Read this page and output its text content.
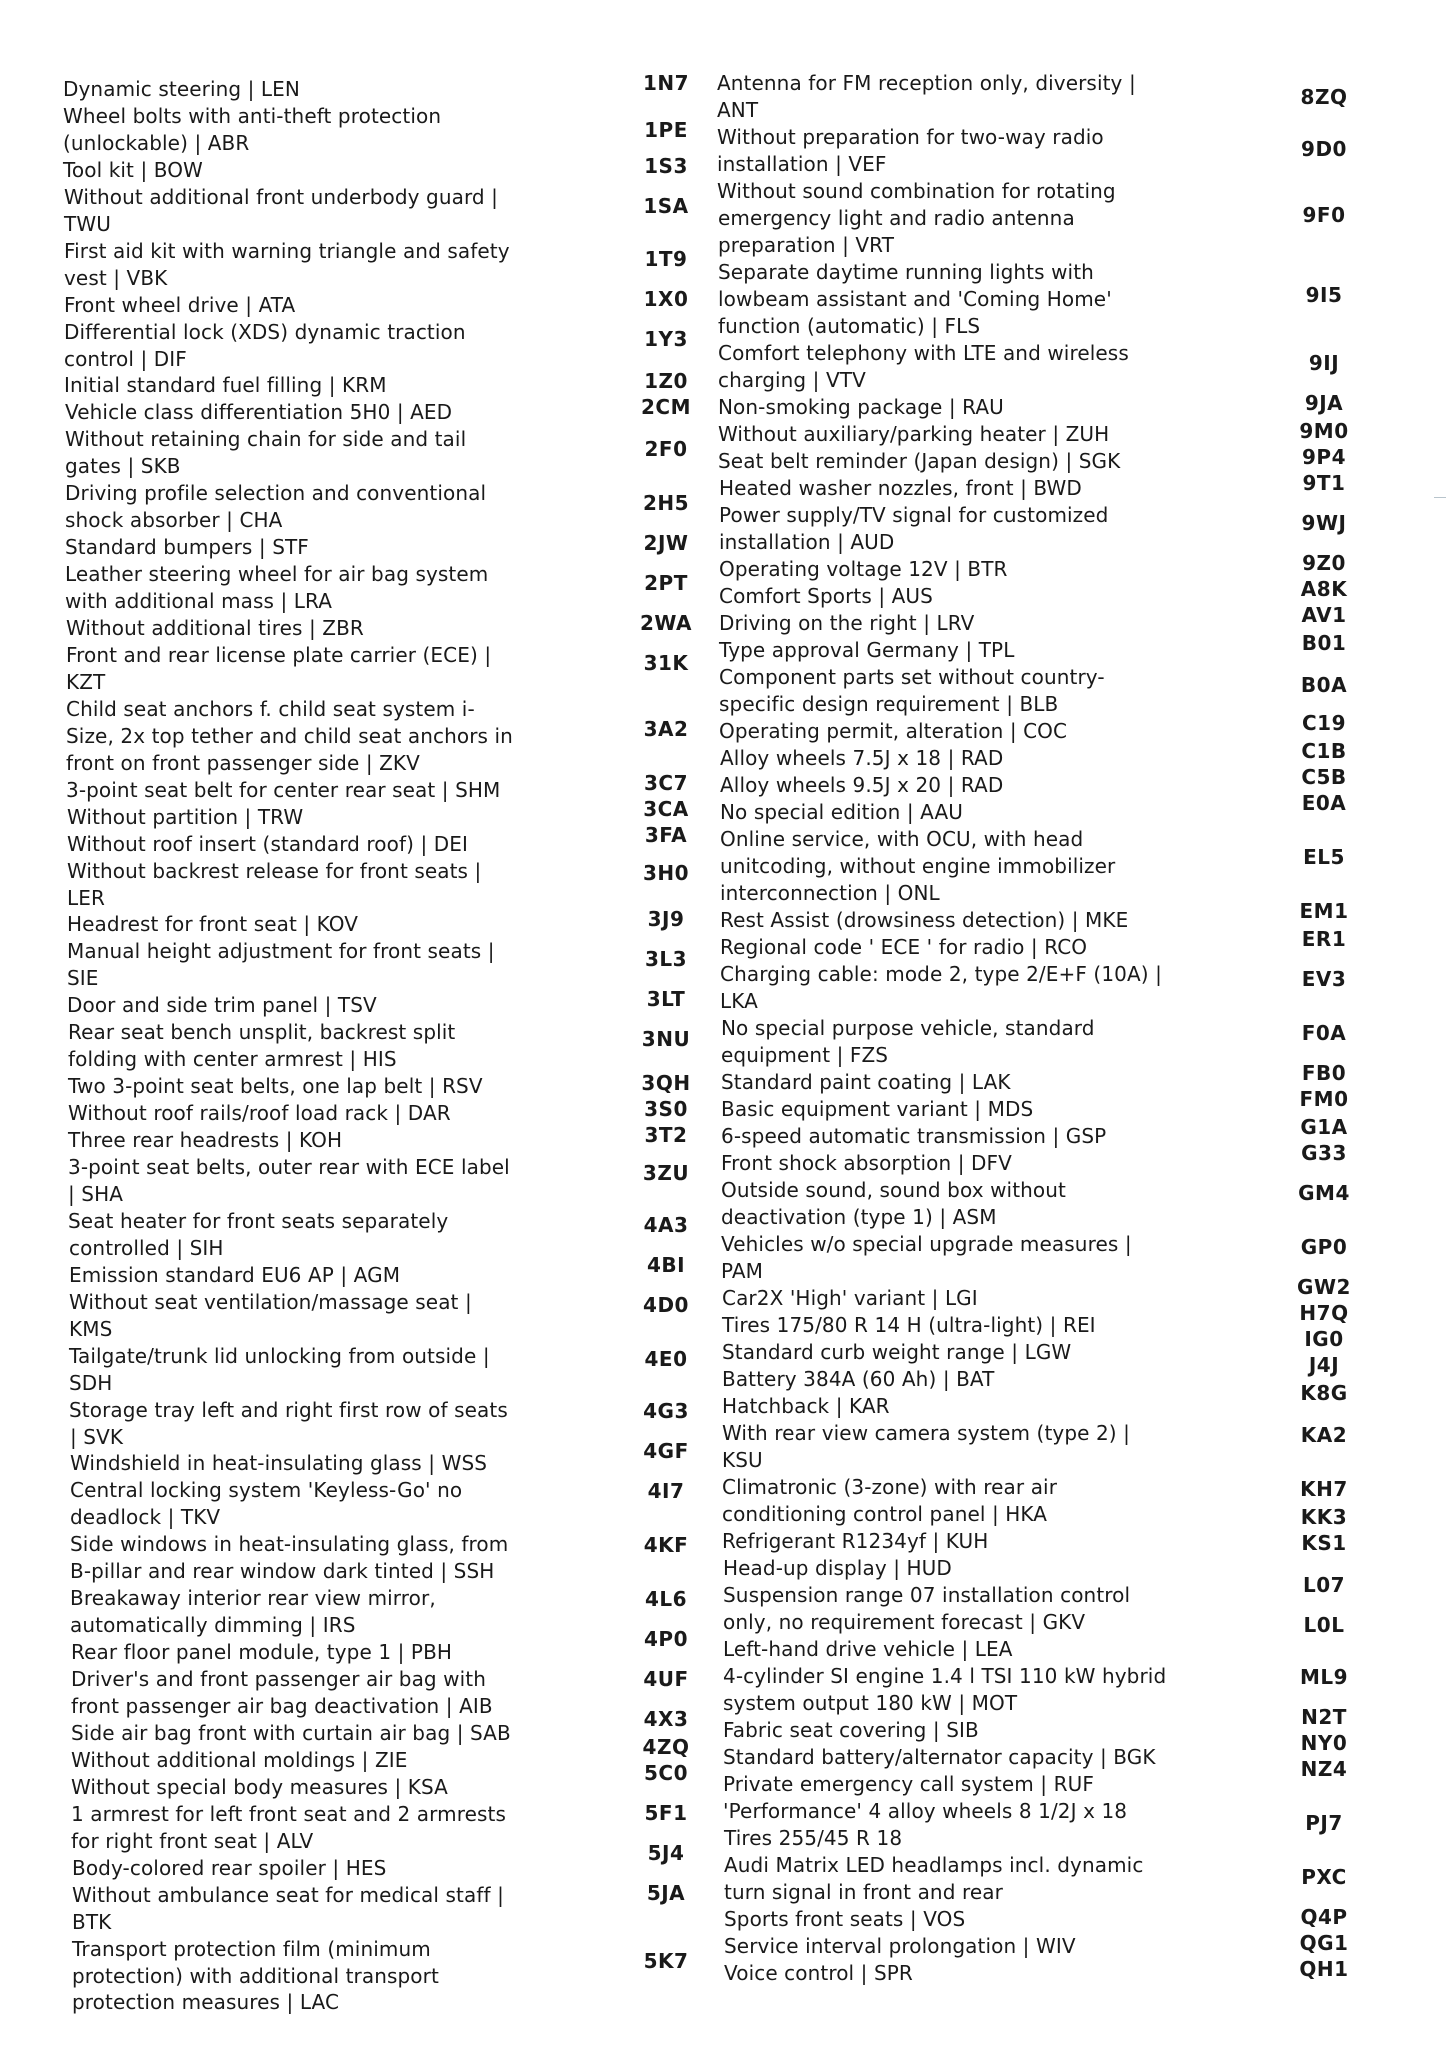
Dynamic steering | LEN
Wheel bolts with anti-theft protection
(unlockable) | ABR
Tool kit | BOW
Without additional front underbody guard |
TWU
First aid kit with warning triangle and safety
vest | VBK
Front wheel drive | ATA
Differential lock (XDS) dynamic traction
control | DIF
Initial standard fuel filling | KRM
Vehicle class differentiation 5H0 | AED
Without retaining chain for side and tail
gates | SKB
Driving profile selection and conventional
shock absorber | CHA
Standard bumpers | STF
Leather steering wheel for air bag system
with additional mass | LRA
Without additional tires | ZBR
Front and rear license plate carrier (ECE) |
KZT
Child seat anchors f. child seat system i-
Size, 2x top tether and child seat anchors in
front on front passenger side | ZKV
3-point seat belt for center rear seat | SHM
Without partition | TRW
Without roof insert (standard roof) | DEI
Without backrest release for front seats |
LER
Headrest for front seat | KOV
Manual height adjustment for front seats |
SIE
Door and side trim panel | TSV
Rear seat bench unsplit, backrest split
folding with center armrest | HIS
Two 3-point seat belts, one lap belt | RSV
Without roof rails/roof load rack | DAR
Three rear headrests | KOH
3-point seat belts, outer rear with ECE label
| SHA
Seat heater for front seats separately
controlled | SIH
Emission standard EU6 AP | AGM
Without seat ventilation/massage seat |
KMS
Tailgate/trunk lid unlocking from outside |
SDH
Storage tray left and right first row of seats
| SVK
Windshield in heat-insulating glass | WSS
Central locking system 'Keyless-Go' no
deadlock | TKV
Side windows in heat-insulating glass, from
B-pillar and rear window dark tinted | SSH
Breakaway interior rear view mirror,
automatically dimming | IRS
Rear floor panel module, type 1 | PBH
Driver's and front passenger air bag with
front passenger air bag deactivation | AIB
Side air bag front with curtain air bag | SAB
Without additional moldings | ZIE
Without special body measures | KSA
1 armrest for left front seat and 2 armrests
for right front seat | ALV
Body-colored rear spoiler | HES
Without ambulance seat for medical staff |
BTK
Transport protection film (minimum
protection) with additional transport
protection measures | LAC
1N7
1PE
1S3
1SA
1T9
1X0
1Y3
1Z0
2CM
2F0
2H5
2JW
2PT
2WA
31K
3A2
3C7
3CA
3FA
3H0
3J9
3L3
3LT
3NU
3QH
3S0
3T2
3ZU
4A3
4BI
4D0
4E0
4G3
4GF
4I7
4KF
4L6
4P0
4UF
4X3
4ZQ
5C0
5F1
5J4
5JA
5K7
Antenna for FM reception only, diversity |
ANT
Without preparation for two-way radio
installation | VEF
Without sound combination for rotating
emergency light and radio antenna
preparation | VRT
Separate daytime running lights with
lowbeam assistant and 'Coming Home'
function (automatic) | FLS
Comfort telephony with LTE and wireless
charging | VTV
Non-smoking package | RAU
Without auxiliary/parking heater | ZUH
Seat belt reminder (Japan design) | SGK
Heated washer nozzles, front | BWD
Power supply/TV signal for customized
installation | AUD
Operating voltage 12V | BTR
Comfort Sports | AUS
Driving on the right | LRV
Type approval Germany | TPL
Component parts set without country-
specific design requirement | BLB
Operating permit, alteration | COC
Alloy wheels 7.5J x 18 | RAD
Alloy wheels 9.5J x 20 | RAD
No special edition | AAU
Online service, with OCU, with head
unitcoding, without engine immobilizer
interconnection | ONL
Rest Assist (drowsiness detection) | MKE
Regional code ' ECE ' for radio | RCO
Charging cable: mode 2, type 2/E+F (10A) |
LKA
No special purpose vehicle, standard
equipment | FZS
Standard paint coating | LAK
Basic equipment variant | MDS
6-speed automatic transmission | GSP
Front shock absorption | DFV
Outside sound, sound box without
deactivation (type 1) | ASM
Vehicles w/o special upgrade measures |
PAM
Car2X 'High' variant | LGI
Tires 175/80 R 14 H (ultra-light) | REI
Standard curb weight range | LGW
Battery 384A (60 Ah) | BAT
Hatchback | KAR
With rear view camera system (type 2) |
KSU
Climatronic (3-zone) with rear air
conditioning control panel | HKA
Refrigerant R1234yf | KUH
Head-up display | HUD
Suspension range 07 installation control
only, no requirement forecast | GKV
Left-hand drive vehicle | LEA
4-cylinder SI engine 1.4 l TSI 110 kW hybrid
system output 180 kW | MOT
Fabric seat covering | SIB
Standard battery/alternator capacity | BGK
Private emergency call system | RUF
'Performance' 4 alloy wheels 8 1/2J x 18
Tires 255/45 R 18
Audi Matrix LED headlamps incl. dynamic
turn signal in front and rear
Sports front seats | VOS
Service interval prolongation | WIV
Voice control | SPR
8ZQ
9D0
9F0
9I5
9IJ
9JA
9M0
9P4
9T1
9WJ
9Z0
A8K
AV1
B01
B0A
C19
C1B
C5B
E0A
EL5
EM1
ER1
EV3
F0A
FB0
FM0
G1A
G33
GM4
GP0
GW2
H7Q
IG0
J4J
K8G
KA2
KH7
KK3
KS1
L07
L0L
ML9
N2T
NY0
NZ4
PJ7
PXC
Q4P
QG1
QH1
